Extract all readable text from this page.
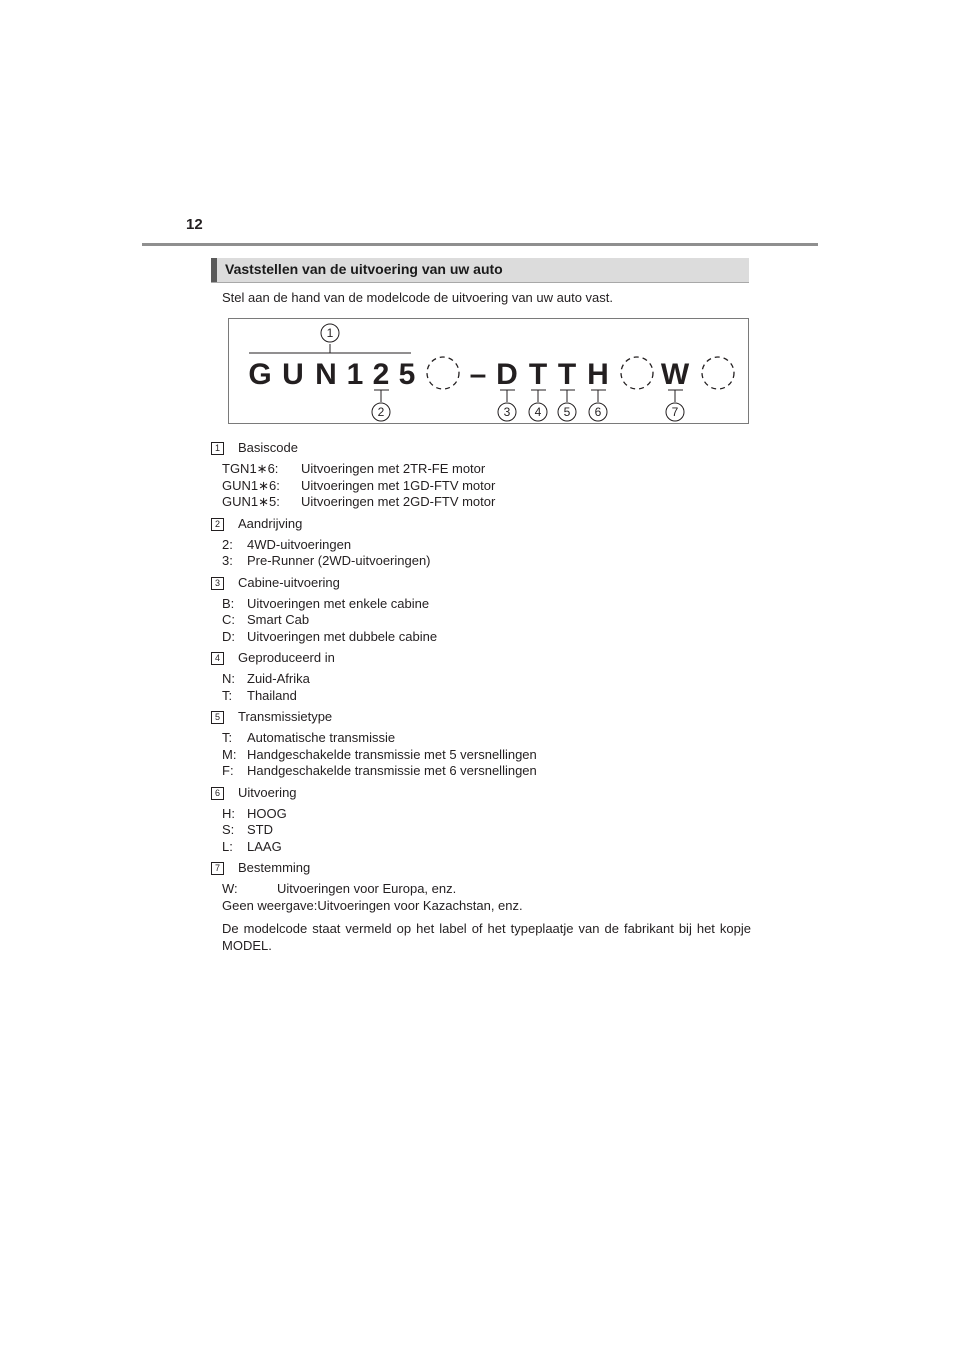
12
Vaststellen van de uitvoering van uw auto
Stel aan de hand van de modelcode de uitvoering van uw auto vast.
G U N 1 2 5 – D T T H W
1
2	3 4 5 6	7
1	Basiscode
TGN1∗6:	Uitvoeringen met 2TR-FE motor
GUN1∗6:	Uitvoeringen met 1GD-FTV motor
GUN1∗5:	Uitvoeringen met 2GD-FTV motor
2	Aandrijving
2:	4WD-uitvoeringen
3:	Pre-Runner (2WD-uitvoeringen)
3	Cabine-uitvoering
B: Uitvoeringen met enkele cabine
C: Smart Cab
D: Uitvoeringen met dubbele cabine
4	Geproduceerd in
N: Zuid-Afrika
T:	Thailand
5	Transmissietype
T:	Automatische transmissie
M: Handgeschakelde transmissie met 5 versnellingen
F:	Handgeschakelde transmissie met 6 versnellingen
6	Uitvoering
H: HOOG
S: STD
L:	LAAG
7	Bestemming
W:	Uitvoeringen voor Europa, enz.
Geen weergave: Uitvoeringen voor Kazachstan, enz.
De modelcode staat vermeld op het label of het typeplaatje van de fabrikant bij het kopje MODEL.
